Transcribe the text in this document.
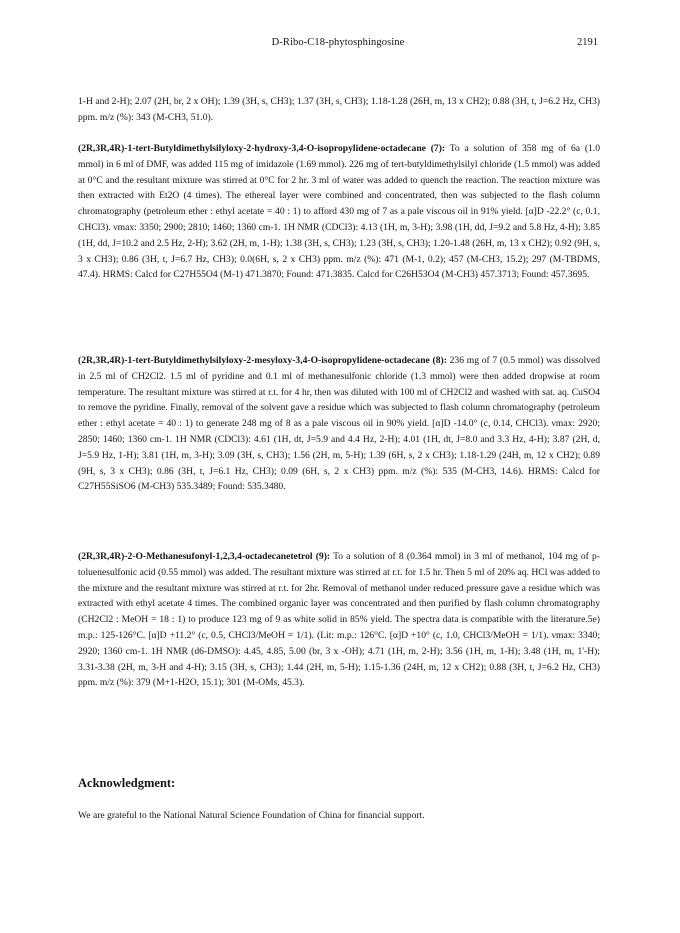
D-Ribo-C18-phytosphingosine	2191

1-H and 2-H); 2.07 (2H, br, 2 x OH); 1.39 (3H, s, CH3); 1.37 (3H, s, CH3); 1.18-1.28 (26H, m, 13 x CH2); 0.88 (3H, t, J=6.2 Hz, CH3) ppm. m/z (%): 343 (M-CH3, 51.0).

(2R,3R,4R)-1-tert-Butyldimethylsilyloxy-2-hydroxy-3,4-O-isopropylidene-octadecane (7): To a solution of 358 mg of 6a (1.0 mmol) in 6 ml of DMF, was added 115 mg of imidazole (1.69 mmol). 226 mg of tert-butyldimethylsilyl chloride (1.5 mmol) was added at 0°C and the resultant mixture was stirred at 0°C for 2 hr. 3 ml of water was added to quench the reaction. The reaction mixture was then extracted with Et2O (4 times). The ethereal layer were combined and concentrated, then was subjected to the flash column chromatography (petroleum ether : ethyl acetate = 40 : 1) to afford 430 mg of 7 as a pale viscous oil in 91% yield. [α]D -22.2° (c, 0.1, CHCl3). νmax: 3350; 2900; 2810; 1460; 1360 cm-1. 1H NMR (CDCl3): 4.13 (1H, m, 3-H); 3.98 (1H, dd, J=9.2 and 5.8 Hz, 4-H); 3.85 (1H, dd, J=10.2 and 2.5 Hz, 2-H); 3.62 (2H, m, 1-H); 1.38 (3H, s, CH3); 1.23 (3H, s, CH3); 1.20-1.48 (26H, m, 13 x CH2); 0.92 (9H, s, 3 x CH3); 0.86 (3H, t, J=6.7 Hz, CH3); 0.0(6H, s, 2 x CH3) ppm. m/z (%): 471 (M-1, 0.2); 457 (M-CH3, 15.2); 297 (M-TBDMS, 47.4). HRMS: Calcd for C27H55O4 (M-1) 471.3870; Found: 471.3835. Calcd for C26H53O4 (M-CH3) 457.3713; Found: 457.3695.

(2R,3R,4R)-1-tert-Butyldimethylsilyloxy-2-mesyloxy-3,4-O-isopropylidene-octadecane (8): 236 mg of 7 (0.5 mmol) was dissolved in 2.5 ml of CH2Cl2. 1.5 ml of pyridine and 0.1 ml of methanesulfonic chloride (1.3 mmol) were then added dropwise at room temperature. The resultant mixture was stirred at r.t. for 4 hr, then was diluted with 100 ml of CH2Cl2 and washed with sat. aq. CuSO4 to remove the pyridine. Finally, removal of the solvent gave a residue which was subjected to flash column chromatography (petroleum ether : ethyl acetate = 40 : 1) to generate 248 mg of 8 as a pale viscous oil in 90% yield. [α]D -14.0° (c, 0.14, CHCl3). νmax: 2920; 2850; 1460; 1360 cm-1. 1H NMR (CDCl3): 4.61 (1H, dt, J=5.9 and 4.4 Hz, 2-H); 4.01 (1H, dt, J=8.0 and 3.3 Hz, 4-H); 3.87 (2H, d, J=5.9 Hz, 1-H); 3.81 (1H, m, 3-H); 3.09 (3H, s, CH3); 1.56 (2H, m, 5-H); 1.39 (6H, s, 2 x CH3); 1.18-1.29 (24H, m, 12 x CH2); 0.89 (9H, s, 3 x CH3); 0.86 (3H, t, J=6.1 Hz, CH3); 0.09 (6H, s, 2 x CH3) ppm. m/z (%): 535 (M-CH3, 14.6). HRMS: Calcd for C27H55SiSO6 (M-CH3) 535.3489; Found: 535.3480.

(2R,3R,4R)-2-O-Methanesufonyl-1,2,3,4-octadecanetetrol (9): To a solution of 8 (0.364 mmol) in 3 ml of methanol, 104 mg of p-toluenesulfonic acid (0.55 mmol) was added. The resultant mixture was stirred at r.t. for 1.5 hr. Then 5 ml of 20% aq. HCl was added to the mixture and the resultant mixture was stirred at r.t. for 2hr. Removal of methanol under reduced pressure gave a residue which was extracted with ethyl acetate 4 times. The combined organic layer was concentrated and then purified by flash column chromatography (CH2Cl2 : MeOH = 18 : 1) to produce 123 mg of 9 as white solid in 85% yield. The spectra data is compatible with the literature.5e) m.p.: 125-126°C. [α]D +11.2° (c, 0.5, CHCl3/MeOH = 1/1). (Lit: m.p.: 126°C. [α]D +10° (c, 1.0, CHCl3/MeOH = 1/1). νmax: 3340; 2920; 1360 cm-1. 1H NMR (d6-DMSO): 4.45, 4.85, 5.00 (br, 3 x -OH); 4.71 (1H, m, 2-H); 3.56 (1H, m, 1-H); 3.48 (1H, m, 1'-H); 3.31-3.38 (2H, m, 3-H and 4-H); 3.15 (3H, s, CH3); 1.44 (2H, m, 5-H); 1.15-1.36 (24H, m, 12 x CH2); 0.88 (3H, t, J=6.2 Hz, CH3) ppm. m/z (%): 379 (M+1-H2O, 15.1); 301 (M-OMs, 45.3).

Acknowledgment:

We are grateful to the National Natural Science Foundation of China for financial support.
